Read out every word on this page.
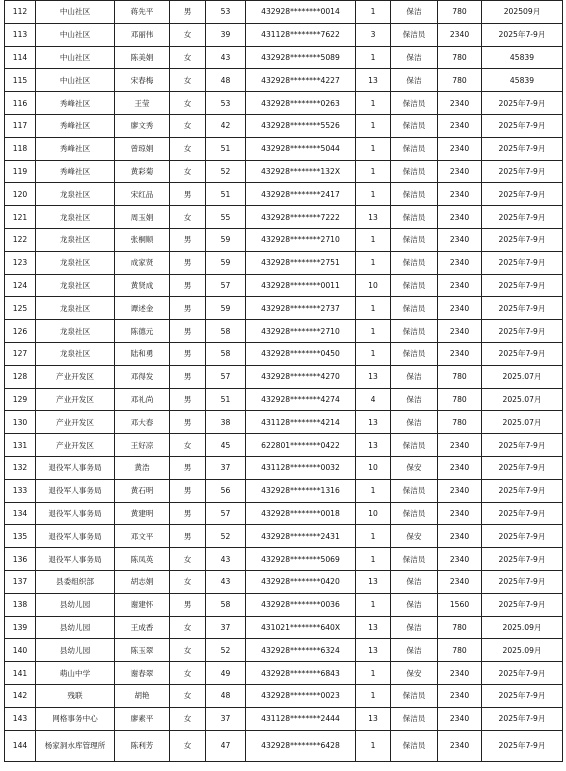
112	中山社区	蒋先平	男	53	432928********0014	1	保洁	780	202509月
113	中山社区	邓丽伟	女	39	431128********7622	3	保洁员	2340	2025年7-9月
114	中山社区	陈美娟	女	43	432928********5089	1	保洁	780	45839
115	中山社区	宋春梅	女	48	432928********4227	13	保洁	780	45839
116	秀峰社区	王莹	女	53	432928********0263	1	保洁员	2340	2025年7-9月
117	秀峰社区	廖文秀	女	42	432928********5526	1	保洁员	2340	2025年7-9月
118	秀峰社区	曾琼娟	女	51	432928********5044	1	保洁员	2340	2025年7-9月
119	秀峰社区	黄彩菊	女	52	432928********132X	1	保洁员	2340	2025年7-9月
120	龙泉社区	宋红品	男	51	432928********2417	1	保洁员	2340	2025年7-9月
121	龙泉社区	周玉娟	女	55	432928********7222	13	保洁员	2340	2025年7-9月
122	龙泉社区	张桐顺	男	59	432928********2710	1	保洁员	2340	2025年7-9月
123	龙泉社区	成家贤	男	59	432928********2751	1	保洁员	2340	2025年7-9月
124	龙泉社区	黄贤成	男	57	432928********0011	10	保洁员	2340	2025年7-9月
125	龙泉社区	谭述金	男	59	432928********2737	1	保洁员	2340	2025年7-9月
126	龙泉社区	陈德元	男	58	432928********2710	1	保洁员	2340	2025年7-9月
127	龙泉社区	陆和勇	男	58	432928********0450	1	保洁员	2340	2025年7-9月
128	产业开发区	邓得发	男	57	432928********4270	13	保洁	780	2025.07月
129	产业开发区	邓礼尚	男	51	432928********4274	4	保洁	780	2025.07月
130	产业开发区	邓大春	男	38	431128********4214	13	保洁	780	2025.07月
131	产业开发区	王好凉	女	45	622801********0422	13	保洁员	2340	2025年7-9月
132	退役军人事务局	黄浩	男	37	431128********0032	10	保安	2340	2025年7-9月
133	退役军人事务局	黄石明	男	56	432928********1316	1	保洁员	2340	2025年7-9月
134	退役军人事务局	黄建明	男	57	432928********0018	10	保洁员	2340	2025年7-9月
135	退役军人事务局	邓文平	男	52	432928********2431	1	保安	2340	2025年7-9月
136	退役军人事务局	陈凤英	女	43	432928********5069	1	保洁员	2340	2025年7-9月
137	县委组织部	胡志娟	女	43	432928********0420	13	保洁	2340	2025年7-9月
138	县幼儿园	谢建怀	男	58	432928********0036	1	保洁	1560	2025年7-9月
139	县幼儿园	王成香	女	37	431021********640X	13	保洁	780	2025.09月
140	县幼儿园	陈玉翠	女	52	432928********6324	13	保洁	780	2025.09月
141	萌山中学	谢春翠	女	49	432928********6843	1	保安	2340	2025年7-9月
142	残联	胡艳	女	48	432928********0023	1	保洁员	2340	2025年7-9月
143	网格事务中心	廖素平	女	37	431128********2444	13	保洁员	2340	2025年7-9月
144	杨家洞水库管理所	陈利芳	女	47	432928********6428	1	保洁员	2340	2025年7-9月
